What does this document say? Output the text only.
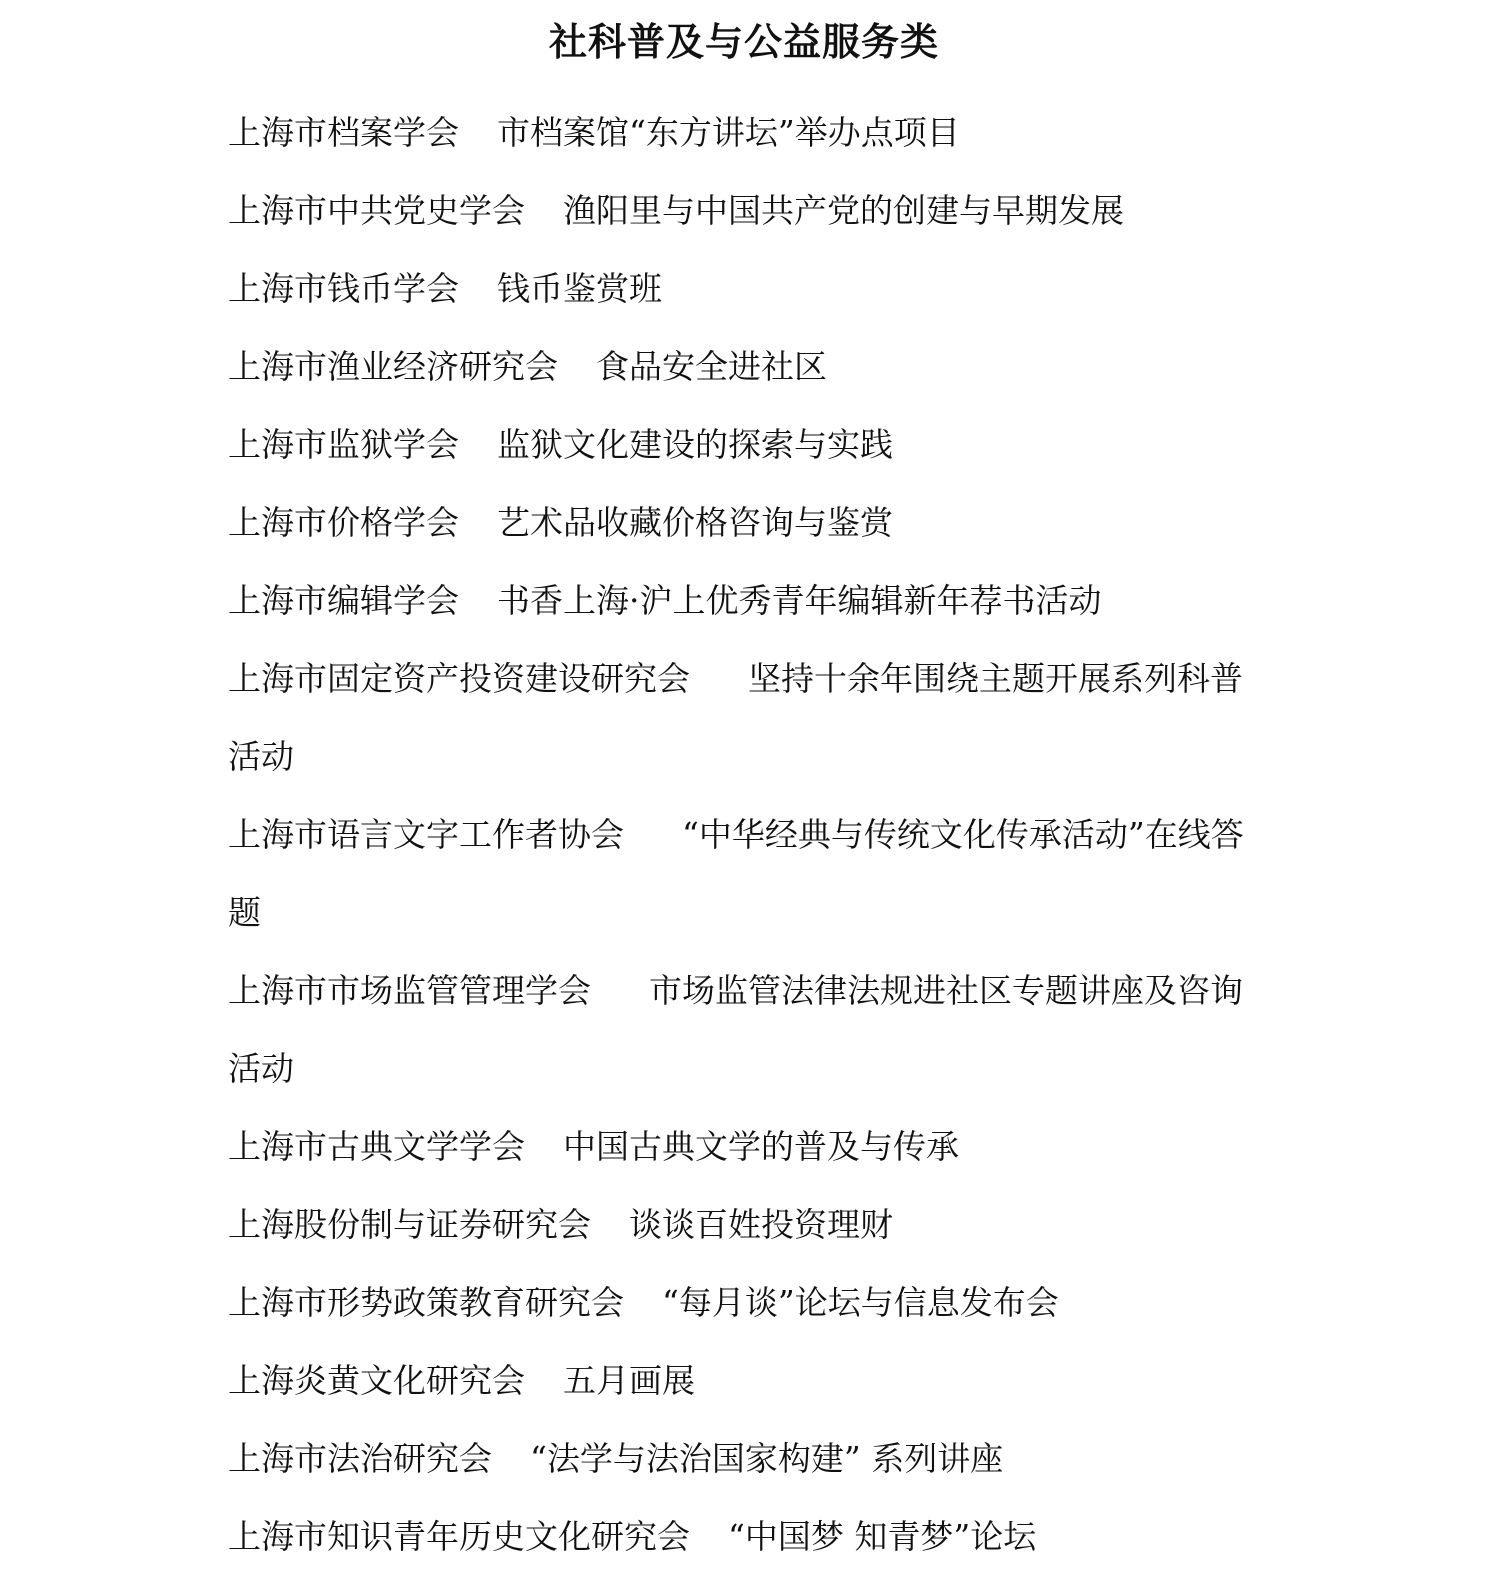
社科普及与公益服务类
上海市档案学会 市档案馆“东方讲坛”举办点项目
上海市中共党史学会 渔阳里与中国共产党的创建与早期发展
上海市钱币学会 钱币鉴赏班
上海市渔业经济研究会 食品安全进社区
上海市监狱学会 监狱文化建设的探索与实践
上海市价格学会 艺术品收藏价格咨询与鉴赏
上海市编辑学会 书香上海·沪上优秀青年编辑新年荐书活动
上海市固定资产投资建设研究会 坚持十余年围绕主题开展系列科普活动
上海市语言文字工作者协会 “中华经典与传统文化传承活动”在线答题
上海市市场监管管理学会 市场监管法律法规进社区专题讲座及咨询活动
上海市古典文学学会 中国古典文学的普及与传承
上海股份制与证券研究会 谈谈百姓投资理财
上海市形势政策教育研究会 “每月谈”论坛与信息发布会
上海炎黄文化研究会 五月画展
上海市法治研究会 “法学与法治国家构建” 系列讲座
上海市知识青年历史文化研究会 “中国梦 知青梦”论坛
